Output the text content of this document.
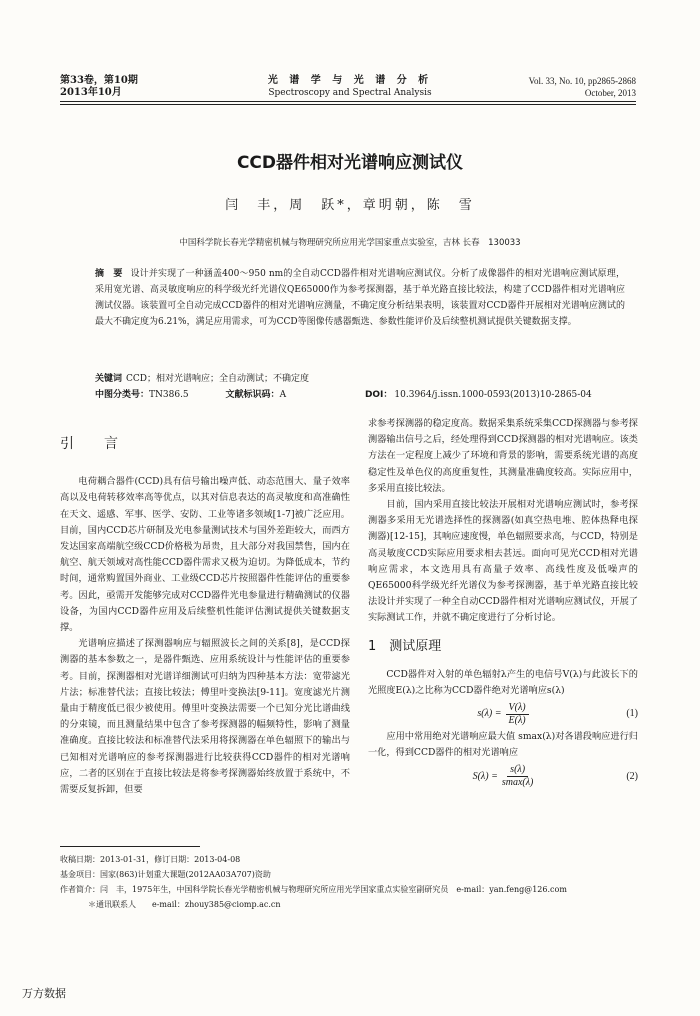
第33卷，第10期
2013年10月
光 谱 学 与 光 谱 分 析
Spectroscopy and Spectral Analysis
Vol. 33, No. 10, pp2865-2868
October, 2013
CCD器件相对光谱响应测试仪
闫　丰，周　跃*，章明朝，陈　雪
中国科学院长春光学精密机械与物理研究所应用光学国家重点实验室，吉林 长春　130033
摘　要 设计并实现了一种涵盖400～950 nm的全自动CCD器件相对光谱响应测试仪。分析了成像器件的相对光谱响应测试原理，采用宽光谱、高灵敏度响应的科学级光纤光谱仪QE65000作为参考探测器，基于单光路直接比较法，构建了CCD器件相对光谱响应测试仪器。该装置可全自动完成CCD器件的相对光谱响应测量，不确定度分析结果表明，该装置对CCD器件开展相对光谱响应测试的最大不确定度为6.21%，满足应用需求，可为CCD等图像传感器甄选、参数性能评价及后续整机测试提供关键数据支撑。
关键词 CCD；相对光谱响应；全自动测试；不确定度
中图分类号：TN386.5	文献标识码：A	DOI： 10.3964/j.issn.1000-0593(2013)10-2865-04
引　言

电荷耦合器件(CCD)具有信号输出噪声低、动态范围大、量子效率高以及电荷转移效率高等优点，以其对信息表达的高灵敏度和高准确性在天文、遥感、军事、医学、安防、工业等诸多领域[1-7]被广泛应用。目前，国内CCD芯片研制及光电参量测试技术与国外差距较大，而西方发达国家高端航空级CCD价格极为昂贵，且大部分对我国禁售，国内在航空、航天领域对高性能CCD器件需求又极为迫切。为降低成本，节约时间，通常购置国外商业、工业级CCD芯片按照器件性能评估的重要参考。因此，亟需开发能够完成对CCD器件光电参量进行精确测试的仪器设备，为国内CCD器件应用及后续整机性能评估测试提供关键数据支撑。

光谱响应描述了探测器响应与辐照波长之间的关系[8]，是CCD探测器的基本参数之一，是器件甄选、应用系统设计与性能评估的重要参考。目前，探测器相对光谱详细测试可归纳为四种基本方法：宽带滤光片法；标准替代法；直接比较法；傅里叶变换法[9-11]。宽度滤光片测量由于精度低已很少被使用。傅里叶变换法需要一个已知分光比谱曲线的分束镜，而且测量结果中包含了参考探测器的幅频特性，影响了测量准确度。直接比较法和标准替代法采用将探测器在单色辐照下的输出与已知相对光谱响应的参考探测器进行比较获得CCD器件的相对光谱响应，二者的区别在于直接比较法是将参考探测器始终放置于系统中，不需要反复拆卸，但要

求参考探测器的稳定度高。数据采集系统采集CCD探测器与参考探测器输出信号之后，经处理得到CCD探测器的相对光谱响应。该类方法在一定程度上减少了环境和背景的影响，需要系统光谱的高度稳定性及单色仪的高度重复性，其测量准确度较高。实际应用中，多采用直接比较法。

目前，国内采用直接比较法开展相对光谱响应测试时，参考探测器多采用无光谱选择性的探测器(如真空热电堆、腔体热释电探测器)[12-15]，其响应速度慢，单色辐照要求高，与CCD，特别是高灵敏度CCD实际应用要求相去甚远。面向可见光CCD相对光谱响应需求，本文选用具有高量子效率、高线性度及低噪声的QE65000科学级光纤光谱仪为参考探测器，基于单光路直接比较法设计并实现了一种全自动CCD器件相对光谱响应测试仪，开展了实际测试工作，并就不确定度进行了分析讨论。

1　测试原理

CCD器件对入射的单色辐射λ产生的电信号V(λ)与此波长下的光照度E(λ)之比称为CCD器件绝对光谱响应s(λ)

$s(\lambda) = \frac{V(\lambda)}{E(\lambda)}$	(1)

应用中常用绝对光谱响应最大值 smax(λ)对各谱段响应进行归一化，得到CCD器件的相对光谱响应

$S(\lambda) = \frac{s(\lambda)}{smax(\lambda)}$	(2)
收稿日期：2013-01-31，修订日期：2013-04-08
基金项目：国家(863)计划重大课题(2012AA03A707)资助
作者简介：闫　丰，1975年生，中国科学院长春光学精密机械与物理研究所应用光学国家重点实验室副研究员　e-mail：yan.feng@126.com
＊通讯联系人　　e-mail：zhouy385@ciomp.ac.cn
万方数据
